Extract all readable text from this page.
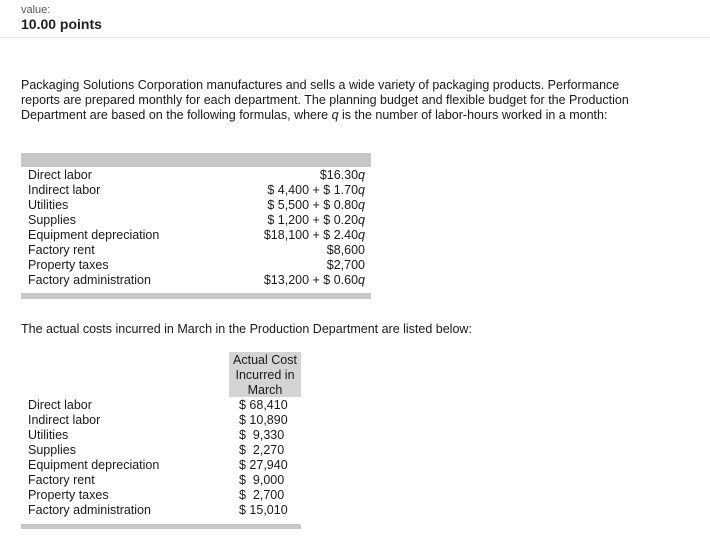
value:
10.00 points

Packaging Solutions Corporation manufactures and sells a wide variety of packaging products. Performance reports are prepared monthly for each department. The planning budget and flexible budget for the Production Department are based on the following formulas, where q is the number of labor-hours worked in a month:

Direct labor	$16.30q
Indirect labor	$ 4,400 + $ 1.70q
Utilities	$ 5,500 + $ 0.80q
Supplies	$ 1,200 + $ 0.20q
Equipment depreciation	$18,100 + $ 2.40q
Factory rent	$8,600
Property taxes	$2,700
Factory administration	$13,200 + $ 0.60q

The actual costs incurred in March in the Production Department are listed below:

Actual Cost
Incurred in
March
Direct labor	$ 68,410
Indirect labor	$ 10,890
Utilities	$  9,330
Supplies	$  2,270
Equipment depreciation	$ 27,940
Factory rent	$  9,000
Property taxes	$  2,700
Factory administration	$ 15,010
